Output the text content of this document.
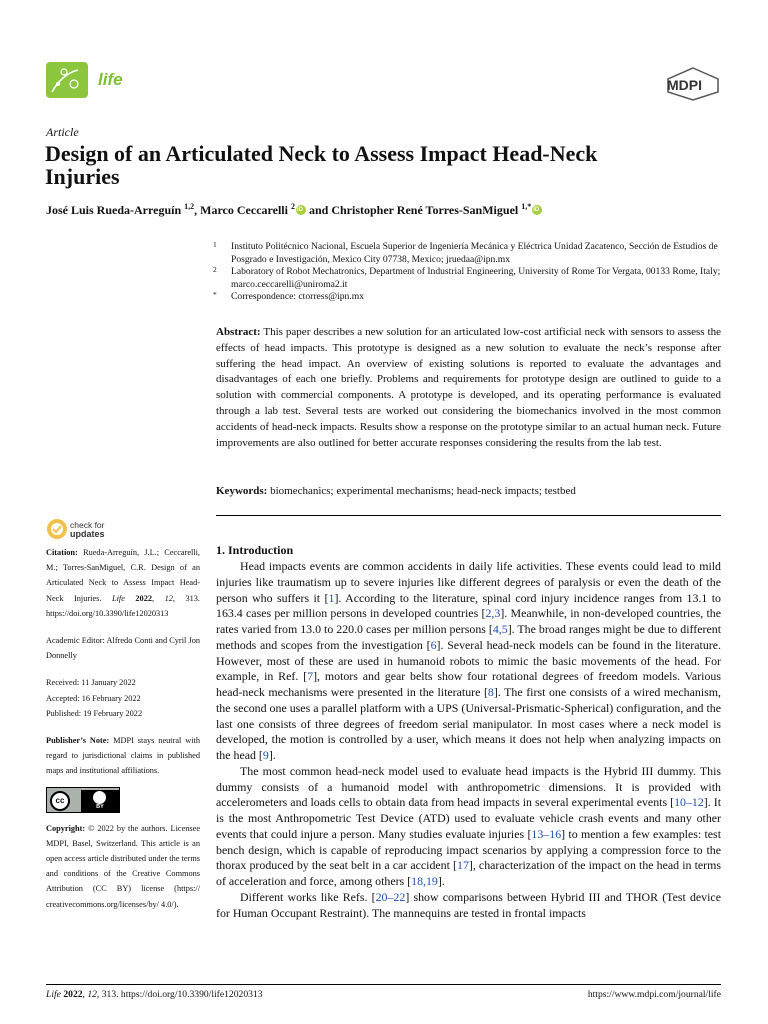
life	MDPI
Article
Design of an Articulated Neck to Assess Impact Head-Neck Injuries
José Luis Rueda-Arreguín $^{1,2}$, Marco Ceccarelli $^2$iD and Christopher René Torres-SanMiguel $^{1,*}$iD
1 Instituto Politécnico Nacional, Escuela Superior de Ingeniería Mecánica y Eléctrica Unidad Zacatenco, Sección de Estudios de Posgrado e Investigación, Mexico City 07738, Mexico; jruedaa@ipn.mx
2 Laboratory of Robot Mechatronics, Department of Industrial Engineering, University of Rome Tor Vergata, 00133 Rome, Italy; marco.ceccarelli@uniroma2.it
* Correspondence: ctorress@ipn.mx
Abstract: This paper describes a new solution for an articulated low-cost artificial neck with sensors to assess the effects of head impacts. This prototype is designed as a new solution to evaluate the neck’s response after suffering the head impact. An overview of existing solutions is reported to evaluate the advantages and disadvantages of each one briefly. Problems and requirements for prototype design are outlined to guide to a solution with commercial components. A prototype is developed, and its operating performance is evaluated through a lab test. Several tests are worked out considering the biomechanics involved in the most common accidents of head-neck impacts. Results show a response on the prototype similar to an actual human neck. Future improvements are also outlined for better accurate responses considering the results from the lab test.
Keywords: biomechanics; experimental mechanisms; head-neck impacts; testbed
check for
updates
Citation: Rueda-Arreguín, J.L.; Ceccarelli, M.; Torres-SanMiguel, C.R. Design of an Articulated Neck to Assess Impact Head-Neck Injuries. Life 2022, 12, 313. https://doi.org/10.3390/life12020313
Academic Editor: Alfredo Conti and Cyril Jon Donnelly
Received: 11 January 2022
Accepted: 16 February 2022
Published: 19 February 2022
Publisher’s Note: MDPI stays neutral with regard to jurisdictional claims in published maps and institutional affiliations.
cc
BY
Copyright: © 2022 by the authors. Licensee MDPI, Basel, Switzerland. This article is an open access article distributed under the terms and conditions of the Creative Commons Attribution (CC BY) license (https:// creativecommons.org/licenses/by/ 4.0/).
1. Introduction

Head impacts events are common accidents in daily life activities. These events could lead to mild injuries like traumatism up to severe injuries like different degrees of paralysis or even the death of the person who suffers it [1]. According to the literature, spinal cord injury incidence ranges from 13.1 to 163.4 cases per million persons in developed countries [2,3]. Meanwhile, in non-developed countries, the rates varied from 13.0 to 220.0 cases per million persons [4,5]. The broad ranges might be due to different methods and scopes from the investigation [6]. Several head-neck models can be found in the literature. However, most of these are used in humanoid robots to mimic the basic movements of the head. For example, in Ref. [7], motors and gear belts show four rotational degrees of freedom models. Various head-neck mechanisms were presented in the literature [8]. The first one consists of a wired mechanism, the second one uses a parallel platform with a UPS (Universal-Prismatic-Spherical) configuration, and the last one consists of three degrees of freedom serial manipulator. In most cases where a neck model is developed, the motion is controlled by a user, which means it does not help when analyzing impacts on the head [9].

The most common head-neck model used to evaluate head impacts is the Hybrid III dummy. This dummy consists of a humanoid model with anthropometric dimensions. It is provided with accelerometers and loads cells to obtain data from head impacts in several experimental events [10–12]. It is the most Anthropometric Test Device (ATD) used to evaluate vehicle crash events and many other events that could injure a person. Many studies evaluate injuries [13–16] to mention a few examples: test bench design, which is capable of reproducing impact scenarios by applying a compression force to the thorax produced by the seat belt in a car accident [17], characterization of the impact on the head in terms of acceleration and force, among others [18,19].

Different works like Refs. [20–22] show comparisons between Hybrid III and THOR (Test device for Human Occupant Restraint). The mannequins are tested in frontal impacts

Life 2022, 12, 313. https://doi.org/10.3390/life12020313	https://www.mdpi.com/journal/life
